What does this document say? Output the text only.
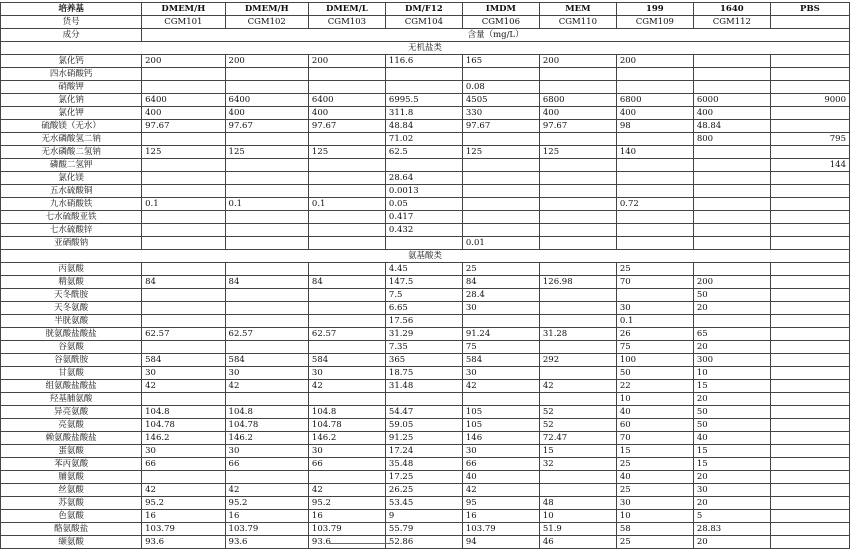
培养基	DMEM/H	DMEM/H	DMEM/L	DM/F12	IMDM	MEM	199	1640	PBS
货号	CGM101	CGM102	CGM103	CGM104	CGM106	CGM110	CGM109	CGM112	
成分	含量（mg/L）								
无机盐类									
氯化钙	200	200	200	116.6	165	200	200		
四水硝酸钙									
硝酸钾					0.08				
氯化钠	6400	6400	6400	6995.5	4505	6800	6800	6000	9000
氯化钾	400	400	400	311.8	330	400	400	400	
硫酸镁（无水）	97.67	97.67	97.67	48.84	97.67	97.67	98	48.84	
无水磷酸氢二钠				71.02				800	795
无水磷酸二氢钠	125	125	125	62.5	125	125	140		
磷酸二氢钾									144
氯化镁				28.64					
五水硫酸铜				0.0013					
九水硝酸铁	0.1	0.1	0.1	0.05			0.72		
七水硫酸亚铁				0.417					
七水硫酸锌				0.432					
亚硒酸钠					0.01				
氨基酸类									
丙氨酸				4.45	25		25		
精氨酸	84	84	84	147.5	84	126.98	70	200	
天冬酰胺				7.5	28.4			50	
天冬氨酸				6.65	30		30	20	
半胱氨酸				17.56			0.1		
胱氨酸盐酸盐	62.57	62.57	62.57	31.29	91.24	31.28	26	65	
谷氨酸				7.35	75		75	20	
谷氨酰胺	584	584	584	365	584	292	100	300	
甘氨酸	30	30	30	18.75	30		50	10	
组氨酸盐酸盐	42	42	42	31.48	42	42	22	15	
羟基脯氨酸							10	20	
异亮氨酸	104.8	104.8	104.8	54.47	105	52	40	50	
亮氨酸	104.78	104.78	104.78	59.05	105	52	60	50	
赖氨酸盐酸盐	146.2	146.2	146.2	91.25	146	72.47	70	40	
蛋氨酸	30	30	30	17.24	30	15	15	15	
苯丙氨酸	66	66	66	35.48	66	32	25	15	
脯氨酸				17.25	40		40	20	
丝氨酸	42	42	42	26.25	42		25	30	
苏氨酸	95.2	95.2	95.2	53.45	95	48	30	20	
色氨酸	16	16	16	9	16	10	10	5	
酪氨酸盐	103.79	103.79	103.79	55.79	103.79	51.9	58	28.83	
缬氨酸	93.6	93.6	93.6	52.86	94	46	25	20	
